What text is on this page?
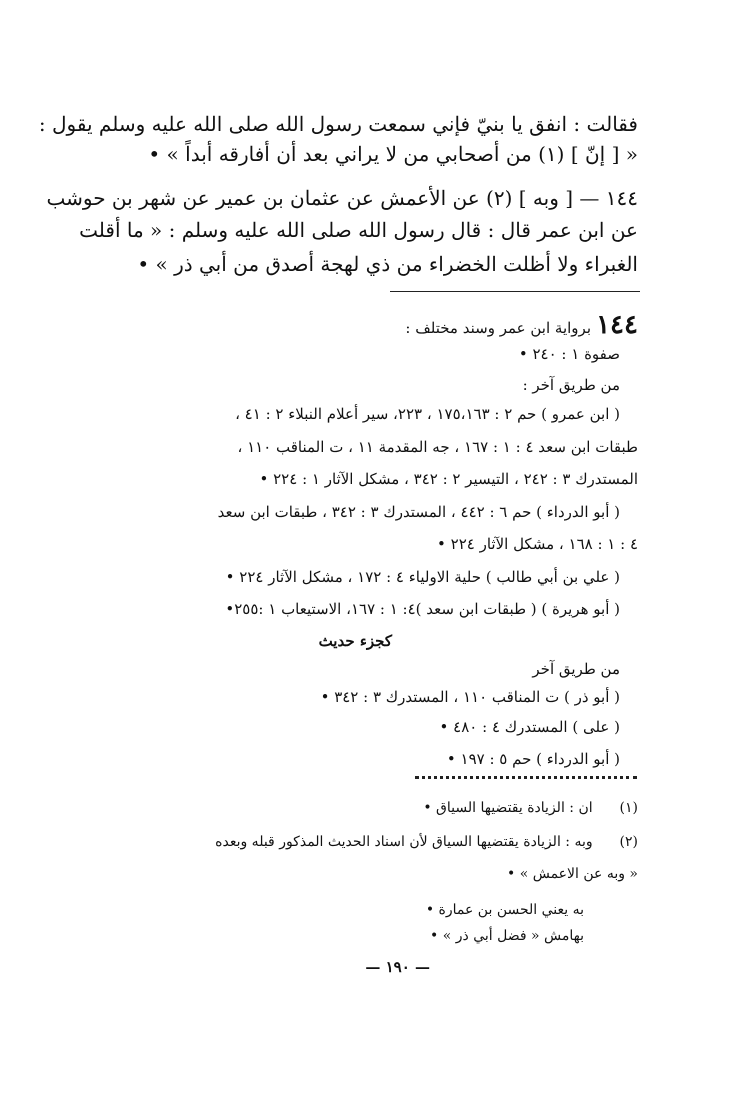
فقالت : انفق يا بنيّ فإني سمعت رسول الله صلى الله عليه وسلم يقول :
« [ إنّ ] (١) من أصحابي من لا يراني بعد أن أفارقه أبداً » •
١٤٤ — [ وبه ] (٢) عن الأعمش عن عثمان بن عمير عن شهر بن حوشب
عن ابن عمر قال : قال رسول الله صلى الله عليه وسلم : « ما أقلت
الغبراء ولا أظلت الخضراء من ذي لهجة أصدق من أبي ذر » •
١٤٤ برواية ابن عمر وسند مختلف :
صفوة ١ : ٢٤٠ •
من طريق آخر :
( ابن عمرو ) حم ٢ : ١٧٥،١٦٣ ، ٢٢٣، سير أعلام النبلاء ٢ : ٤١ ،
طبقات ابن سعد ٤ : ١ : ١٦٧ ، جه المقدمة ١١ ، ت المناقب ١١٠ ،
المستدرك ٣ : ٢٤٢ ، التيسير ٢ : ٣٤٢ ، مشكل الآثار ١ : ٢٢٤ •
( أبو الدرداء ) حم ٦ : ٤٤٢ ، المستدرك ٣ : ٣٤٢ ، طبقات ابن سعد
٤ : ١ : ١٦٨ ، مشكل الآثار ٢٢٤ •
( علي بن أبي طالب ) حلية الاولياء ٤ : ١٧٢ ، مشكل الآثار ٢٢٤ •
( أبو هريرة ) ( طبقات ابن سعد )٤: ١ : ١٦٧، الاستيعاب ١ :٢٥٥•
كجزء حديث
من طريق آخر
( أبو ذر ) ت المناقب ١١٠ ، المستدرك ٣ : ٣٤٢ •
( على ) المستدرك ٤ : ٤٨٠ •
( أبو الدرداء ) حم ٥ : ١٩٧ •
(١)  ان : الزيادة يقتضيها السياق •
(٢)  وبه : الزيادة يقتضيها السياق لأن اسناد الحديث المذكور قبله وبعده
« وبه عن الاعمش » •
به يعني الحسن بن عمارة •
بهامش « فضل أبي ذر » •
— ١٩٠ —
